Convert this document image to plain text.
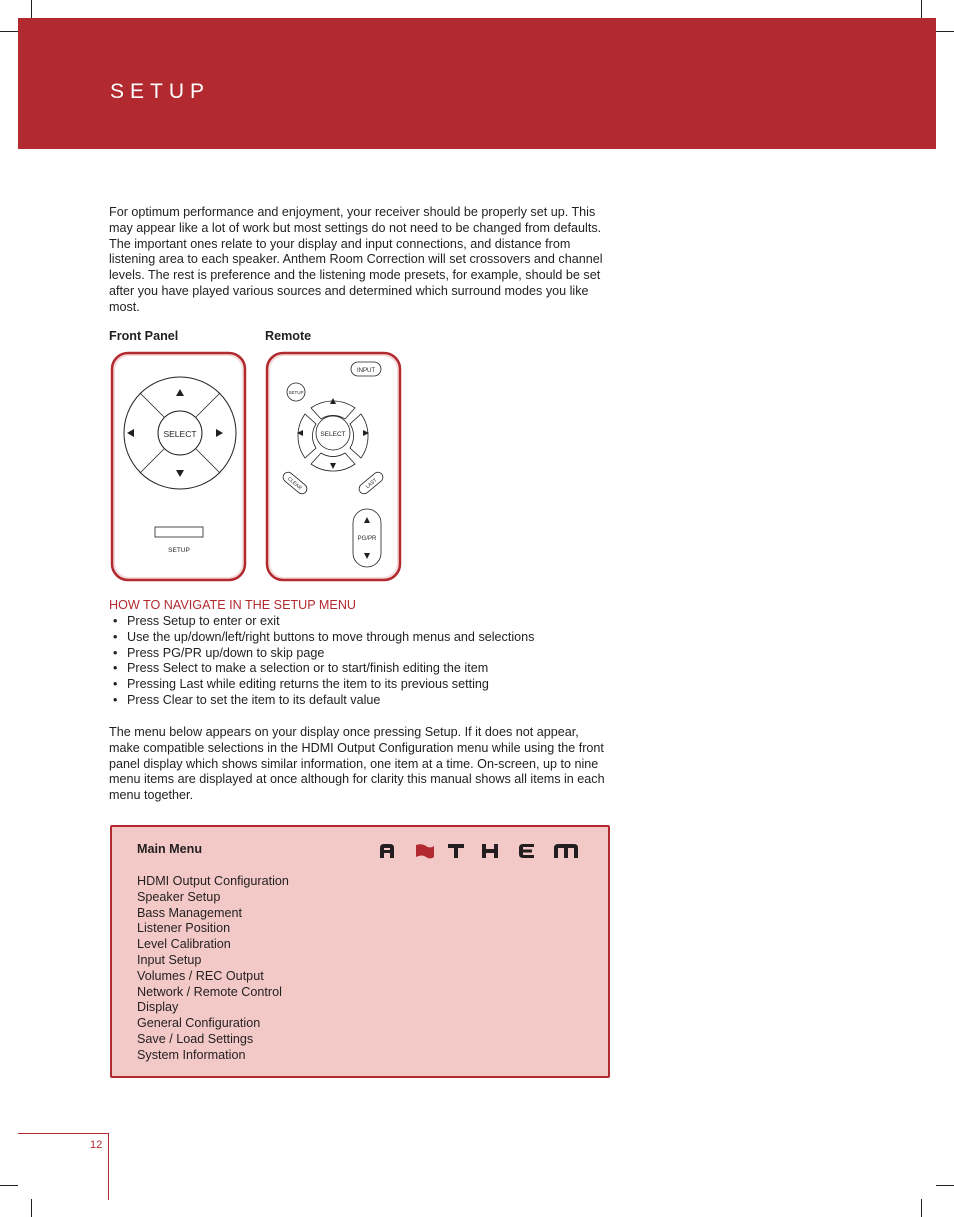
SETUP

For optimum performance and enjoyment, your receiver should be properly set up. This may appear like a lot of work but most settings do not need to be changed from defaults. The important ones relate to your display and input connections, and distance from listening area to each speaker. Anthem Room Correction will set crossovers and channel levels. The rest is preference and the listening mode presets, for example, should be set after you have played various sources and determined which surround modes you like most.

Front Panel	Remote
SELECT
SETUP
INPUT
SETUP
SELECT
CLEAR	LAST
PG/PR
HOW TO NAVIGATE IN THE SETUP MENU
• Press Setup to enter or exit
• Use the up/down/left/right buttons to move through menus and selections
• Press PG/PR up/down to skip page
• Press Select to make a selection or to start/finish editing the item
• Pressing Last while editing returns the item to its previous setting
• Press Clear to set the item to its default value

The menu below appears on your display once pressing Setup. If it does not appear, make compatible selections in the HDMI Output Configuration menu while using the front panel display which shows similar information, one item at a time. On-screen, up to nine menu items are displayed at once although for clarity this manual shows all items in each menu together.

Main Menu
HDMI Output Configuration
Speaker Setup
Bass Management
Listener Position
Level Calibration
Input Setup
Volumes / REC Output
Network / Remote Control
Display
General Configuration
Save / Load Settings
System Information
12
